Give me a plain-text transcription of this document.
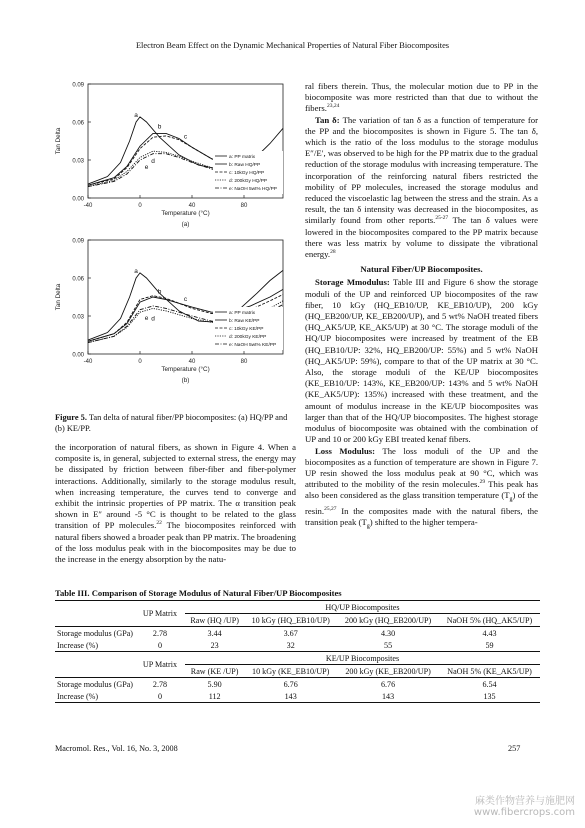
Electron Beam Effect on the Dynamic Mechanical Properties of Natural Fiber Biocomposites
0.00
0.03
0.06
0.09
-40	0	40	80
Temperature (°C)
Tan Delta
(a)
a
b
c
d
e
a: PP matrix
b: Raw HQ/PP
c: 10kGy HQ/PP
d: 200kGy HQ/PP
e: NaOH 5wt% HQ/PP
0.00
0.03
0.06
0.09
-40	0	40	80
Temperature (°C)
Tan Delta
(b)
a
b
c
d
e
a: PP matrix
b: Raw KE/PP
c: 10kGy KE/PP
d: 200kGy KE/PP
e: NaOH 5wt% KE/PP
Figure 5. Tan delta of natural fiber/PP biocomposites: (a) HQ/PP and (b) KE/PP.

the incorporation of natural fibers, as shown in Figure 4. When a composite is, in general, subjected to external stress, the energy may be dissipated by friction between fiber-fiber and fiber-polymer interactions. Additionally, similarly to the storage modulus result, when increasing temperature, the curves tend to converge and exhibit the intrinsic properties of PP matrix. The α transition peak shown in E″ around -5 °C is thought to be related to the glass transition of PP molecules.$^{22}$ The biocomposites reinforced with natural fibers showed a broader peak than PP matrix. The broadening of the loss modulus peak with in the biocomposites may be due to the increase in the energy absorption by the natu-

ral fibers therein. Thus, the molecular motion due to PP in the biocomposite was more restricted than that due to without the fibers.$^{23,24}$

Tan δ: The variation of tan δ as a function of temperature for the PP and the biocomposites is shown in Figure 5. The tan δ, which is the ratio of the loss modulus to the storage modulus E″/E′, was observed to be high for the PP matrix due to the gradual reduction of the storage modulus with increasing temperature. The incorporation of the reinforcing natural fibers restricted the mobility of PP molecules, increased the storage modulus and reduced the viscoelastic lag between the stress and the strain. As a result, the tan δ intensity was decreased in the biocomposites, as similarly found from other reports.$^{25-27}$ The tan δ values were lowered in the biocomposites compared to the PP matrix because there was less matrix by volume to dissipate the vibrational energy.$^{28}$

Natural Fiber/UP Biocomposites.

Storage Mmodulus: Table III and Figure 6 show the storage moduli of the UP and reinforced UP biocomposites of the raw fiber, 10 kGy (HQ_EB10/UP, KE_EB10/UP), 200 kGy (HQ_EB200/UP, KE_EB200/UP), and 5 wt% NaOH treated fibers (HQ_AK5/UP, KE_AK5/UP) at 30 °C. The storage moduli of the HQ/UP biocomposites were increased by treatment of the EB (HQ_EB10/UP: 32%, HQ_EB200/UP: 55%) and 5 wt% NaOH (HQ_AK5/UP: 59%), compare to that of the UP matrix at 30 °C. Also, the storage moduli of the KE/UP biocomposites (KE_EB10/UP: 143%, KE_EB200/UP: 143% and 5 wt% NaOH (KE_AK5/UP): 135%) increased with these treatment, and the amount of modulus increase in the KE/UP biocomposites was larger than that of the HQ/UP biocomposites. The highest storage modulus of biocomposite was obtained with the combination of UP and 10 or 200 kGy EBI treated kenaf fibers.

Loss Modulus: The loss moduli of the UP and the biocomposites as a function of temperature are shown in Figure 7. UP resin showed the loss modulus peak at 90 °C, which was attributed to the mobility of the resin molecules.$^{29}$ This peak has also been considered as the glass transition temperature $(T_g)$ of the resin.$^{25,27}$ In the composites made with the natural fibers, the transition peak $(T_g)$ shifted to the higher tempera-

Table III. Comparison of Storage Modulus of Natural Fiber/UP Biocomposites
	UP Matrix	HQ/UP Biocomposites			
		Raw (HQ /UP)	10 kGy (HQ_EB10/UP)	200 kGy (HQ_EB200/UP)	NaOH 5% (HQ_AK5/UP)
Storage modulus (GPa)	2.78	3.44	3.67	4.30	4.43
Increase (%)	0	23	32	55	59
	UP Matrix	KE/UP Biocomposites			
		Raw (KE /UP)	10 kGy (KE_EB10/UP)	200 kGy (KE_EB200/UP)	NaOH 5% (KE_AK5/UP)
Storage modulus (GPa)	2.78	5.90	6.76	6.76	6.54
Increase (%)	0	112	143	143	135
Macromol. Res., Vol. 16, No. 3, 2008	257
麻类作物营养与施肥网
www.fibercrops.com
